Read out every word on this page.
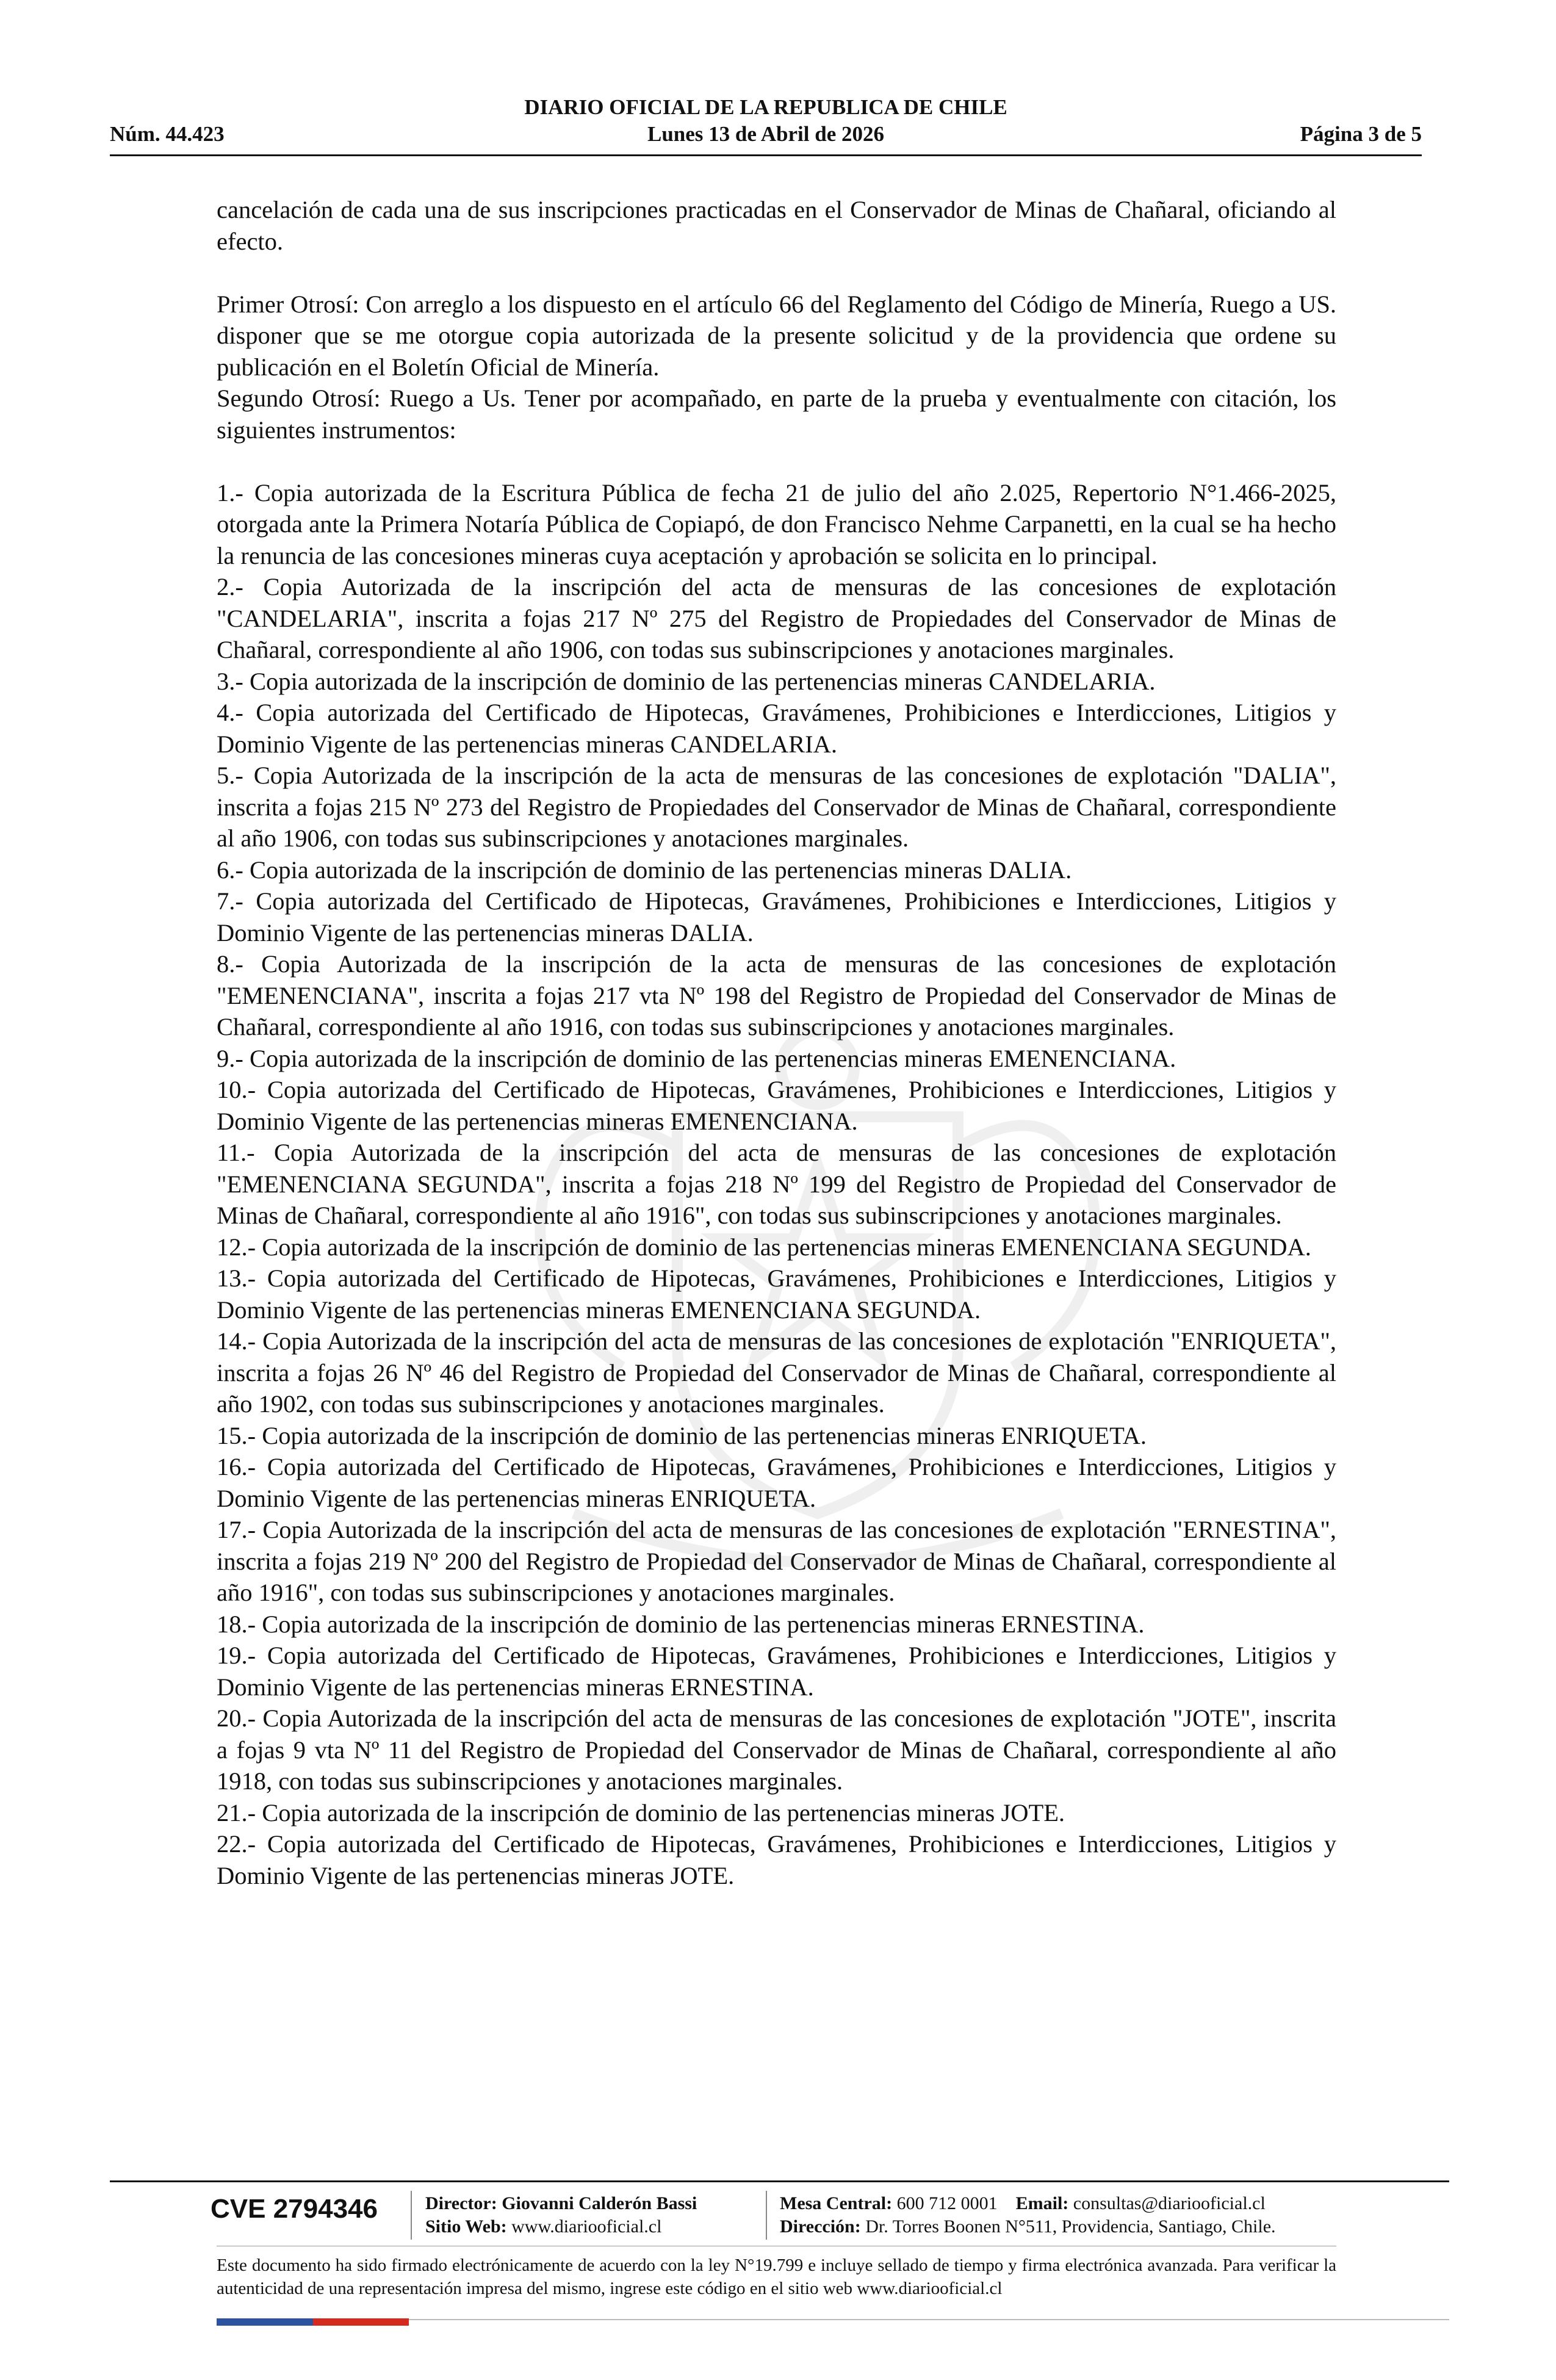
DIARIO OFICIAL DE LA REPUBLICA DE CHILE
Núm. 44.423	Lunes 13 de Abril de 2026	Página 3 de 5

cancelación de cada una de sus inscripciones practicadas en el Conservador de Minas de Chañaral, oficiando al efecto.

Primer Otrosí: Con arreglo a los dispuesto en el artículo 66 del Reglamento del Código de Minería, Ruego a US. disponer que se me otorgue copia autorizada de la presente solicitud y de la providencia que ordene su publicación en el Boletín Oficial de Minería.

Segundo Otrosí: Ruego a Us. Tener por acompañado, en parte de la prueba y eventualmente con citación, los siguientes instrumentos:

1.- Copia autorizada de la Escritura Pública de fecha 21 de julio del año 2.025, Repertorio N°1.466-2025, otorgada ante la Primera Notaría Pública de Copiapó, de don Francisco Nehme Carpanetti, en la cual se ha hecho la renuncia de las concesiones mineras cuya aceptación y aprobación se solicita en lo principal.

2.- Copia Autorizada de la inscripción del acta de mensuras de las concesiones de explotación "CANDELARIA", inscrita a fojas 217 Nº 275 del Registro de Propiedades del Conservador de Minas de Chañaral, correspondiente al año 1906, con todas sus subinscripciones y anotaciones marginales.

3.- Copia autorizada de la inscripción de dominio de las pertenencias mineras CANDELARIA.

4.- Copia autorizada del Certificado de Hipotecas, Gravámenes, Prohibiciones e Interdicciones, Litigios y Dominio Vigente de las pertenencias mineras CANDELARIA.

5.- Copia Autorizada de la inscripción de la acta de mensuras de las concesiones de explotación "DALIA", inscrita a fojas 215 Nº 273 del Registro de Propiedades del Conservador de Minas de Chañaral, correspondiente al año 1906, con todas sus subinscripciones y anotaciones marginales.

6.- Copia autorizada de la inscripción de dominio de las pertenencias mineras DALIA.

7.- Copia autorizada del Certificado de Hipotecas, Gravámenes, Prohibiciones e Interdicciones, Litigios y Dominio Vigente de las pertenencias mineras DALIA.

8.- Copia Autorizada de la inscripción de la acta de mensuras de las concesiones de explotación "EMENENCIANA", inscrita a fojas 217 vta Nº 198 del Registro de Propiedad del Conservador de Minas de Chañaral, correspondiente al año 1916, con todas sus subinscripciones y anotaciones marginales.

9.- Copia autorizada de la inscripción de dominio de las pertenencias mineras EMENENCIANA.

10.- Copia autorizada del Certificado de Hipotecas, Gravámenes, Prohibiciones e Interdicciones, Litigios y Dominio Vigente de las pertenencias mineras EMENENCIANA.

11.- Copia Autorizada de la inscripción del acta de mensuras de las concesiones de explotación "EMENENCIANA SEGUNDA", inscrita a fojas 218 Nº 199 del Registro de Propiedad del Conservador de Minas de Chañaral, correspondiente al año 1916", con todas sus subinscripciones y anotaciones marginales.

12.- Copia autorizada de la inscripción de dominio de las pertenencias mineras EMENENCIANA SEGUNDA.

13.- Copia autorizada del Certificado de Hipotecas, Gravámenes, Prohibiciones e Interdicciones, Litigios y Dominio Vigente de las pertenencias mineras EMENENCIANA SEGUNDA.

14.- Copia Autorizada de la inscripción del acta de mensuras de las concesiones de explotación "ENRIQUETA", inscrita a fojas 26 Nº 46 del Registro de Propiedad del Conservador de Minas de Chañaral, correspondiente al año 1902, con todas sus subinscripciones y anotaciones marginales.

15.- Copia autorizada de la inscripción de dominio de las pertenencias mineras ENRIQUETA.

16.- Copia autorizada del Certificado de Hipotecas, Gravámenes, Prohibiciones e Interdicciones, Litigios y Dominio Vigente de las pertenencias mineras ENRIQUETA.

17.- Copia Autorizada de la inscripción del acta de mensuras de las concesiones de explotación "ERNESTINA", inscrita a fojas 219 Nº 200 del Registro de Propiedad del Conservador de Minas de Chañaral, correspondiente al año 1916", con todas sus subinscripciones y anotaciones marginales.

18.- Copia autorizada de la inscripción de dominio de las pertenencias mineras ERNESTINA.

19.- Copia autorizada del Certificado de Hipotecas, Gravámenes, Prohibiciones e Interdicciones, Litigios y Dominio Vigente de las pertenencias mineras ERNESTINA.

20.- Copia Autorizada de la inscripción del acta de mensuras de las concesiones de explotación "JOTE", inscrita a fojas 9 vta Nº 11 del Registro de Propiedad del Conservador de Minas de Chañaral, correspondiente al año 1918, con todas sus subinscripciones y anotaciones marginales.

21.- Copia autorizada de la inscripción de dominio de las pertenencias mineras JOTE.

22.- Copia autorizada del Certificado de Hipotecas, Gravámenes, Prohibiciones e Interdicciones, Litigios y Dominio Vigente de las pertenencias mineras JOTE.

CVE 2794346	Director: Giovanni Calderón Bassi
Sitio Web: www.diariooficial.cl
Mesa Central: 600 712 0001 Email: consultas@diariooficial.cl
Dirección: Dr. Torres Boonen N°511, Providencia, Santiago, Chile.
Este documento ha sido firmado electrónicamente de acuerdo con la ley N°19.799 e incluye sellado de tiempo y firma electrónica avanzada. Para verificar la autenticidad de una representación impresa del mismo, ingrese este código en el sitio web www.diariooficial.cl
